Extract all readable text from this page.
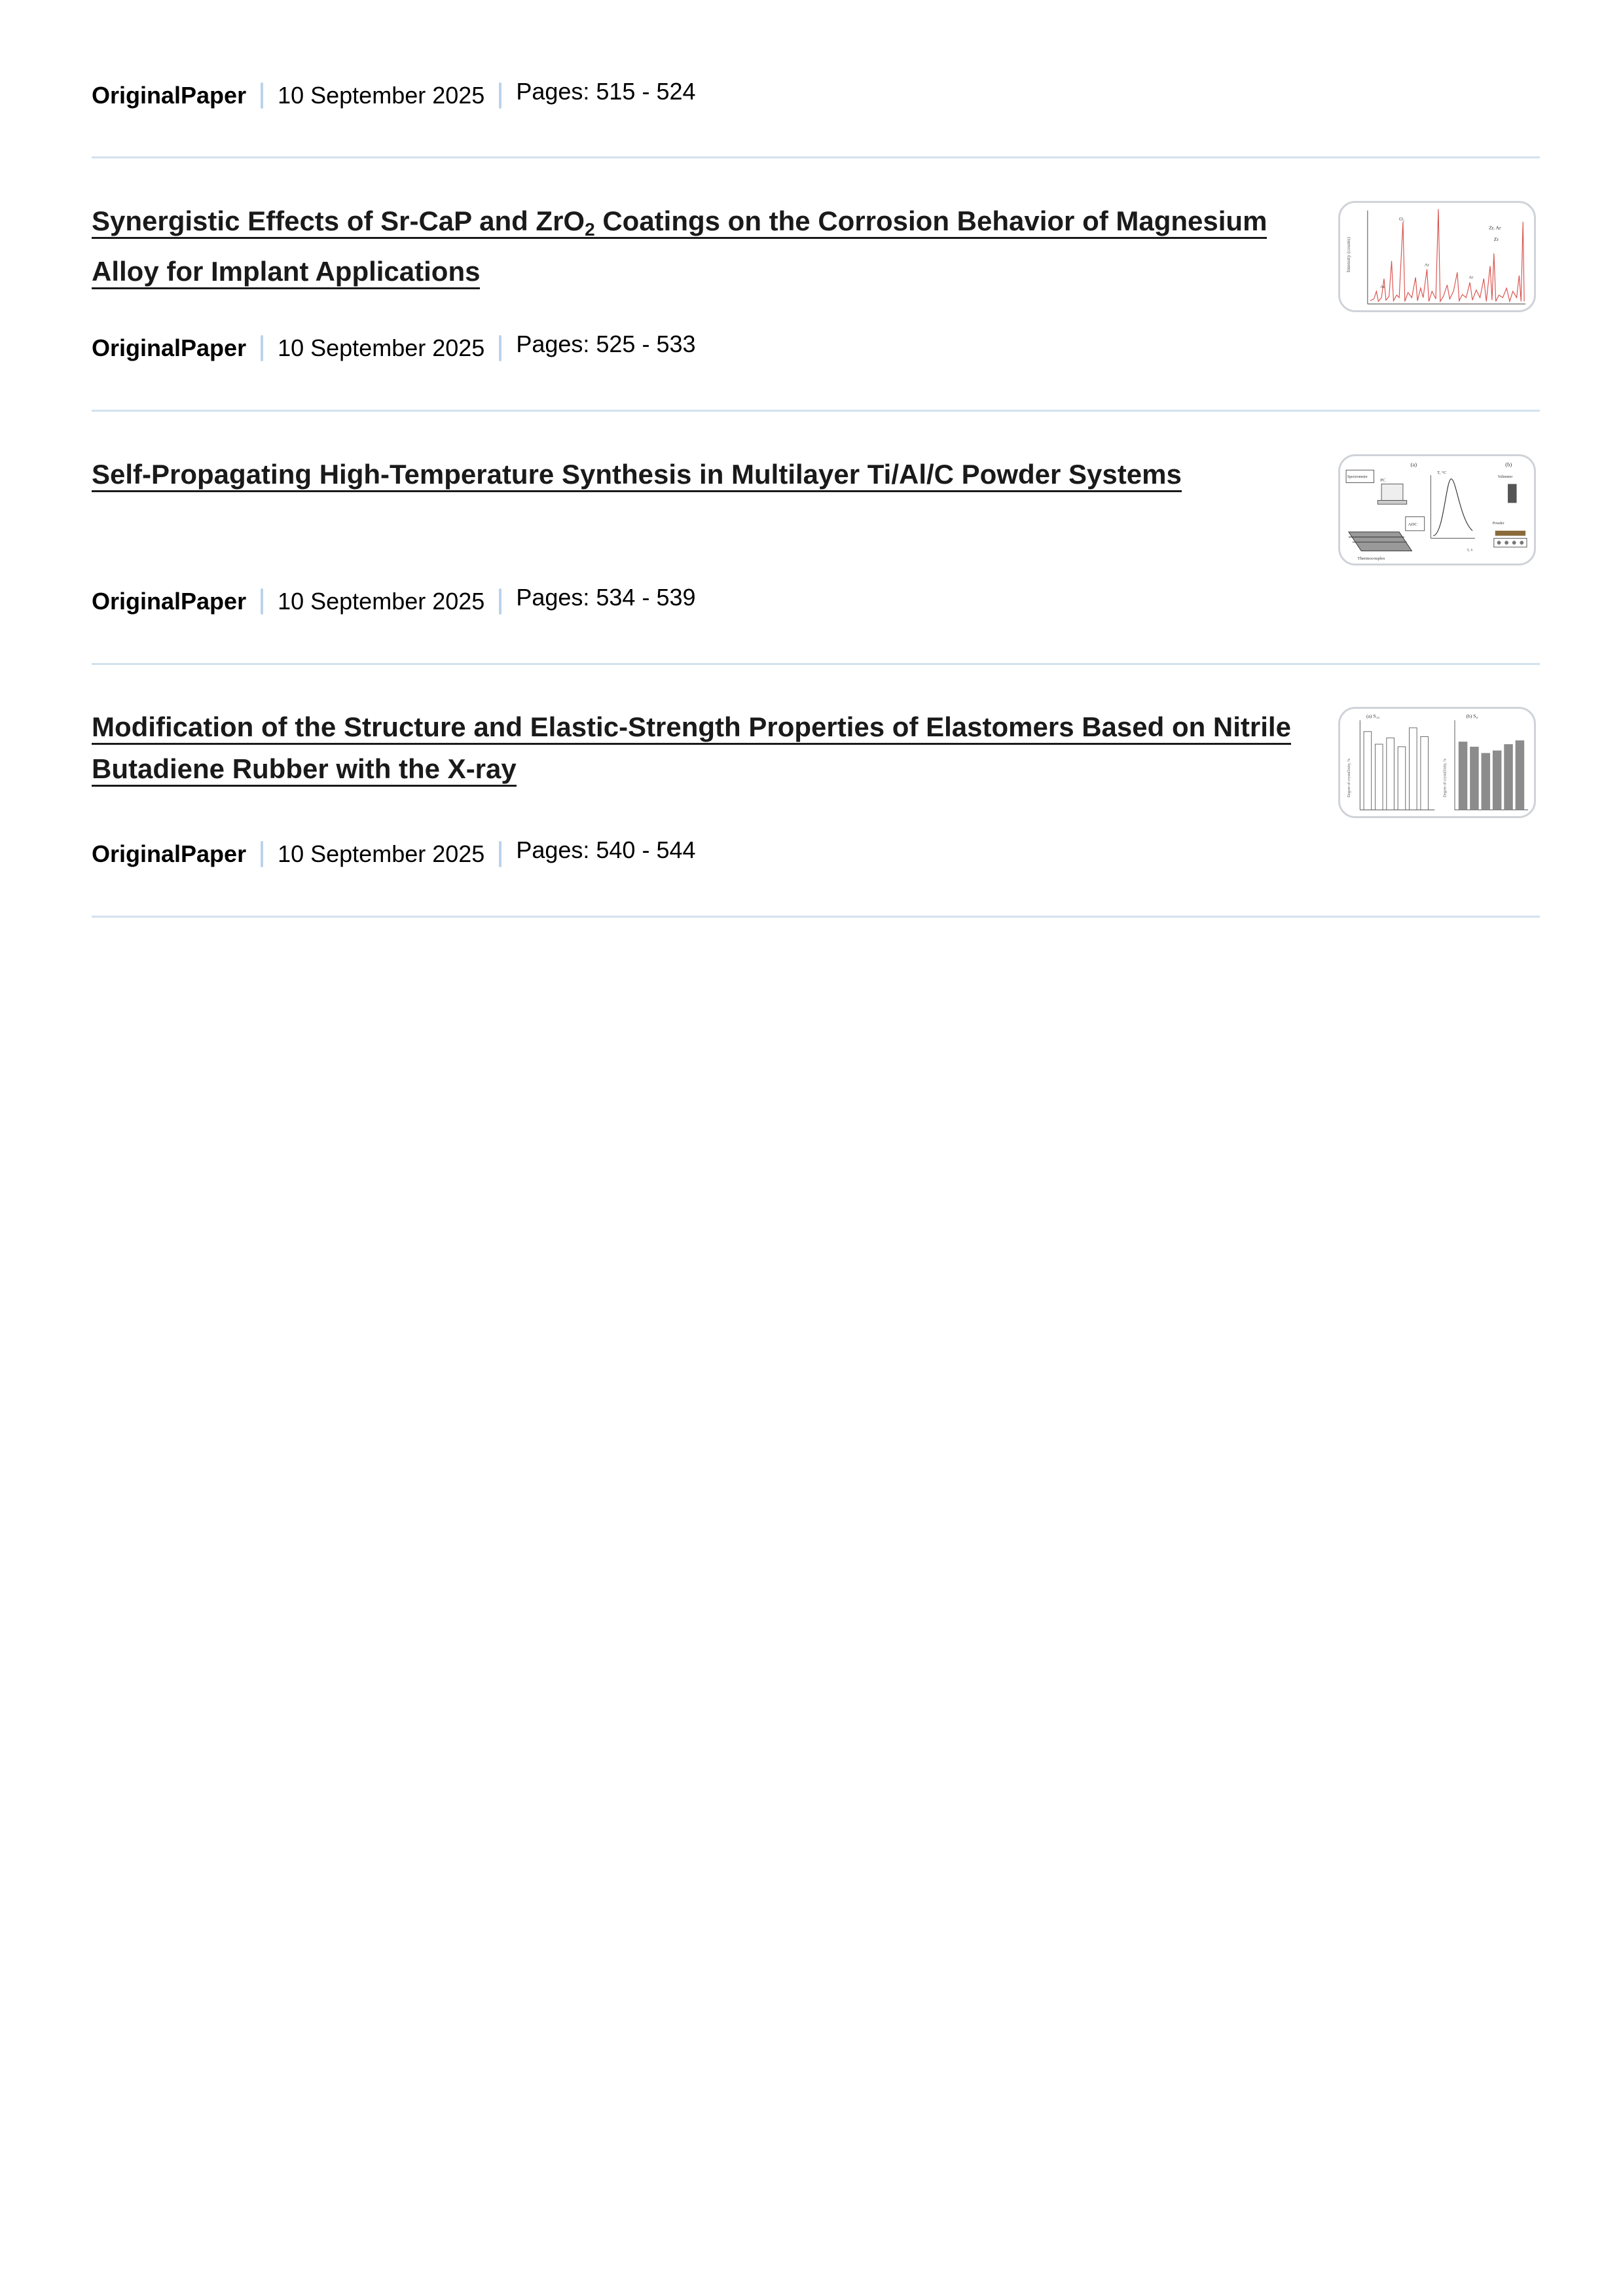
OriginalPaper 10 September 2025 Pages: 515 - 524
Synergistic Effects of Sr-CaP and ZrO$_2$ Coatings on the Corrosion Behavior of Magnesium Alloy for Implant Applications	Intensity (counts)
O₂
Zr, Ar
Zr
Ar
Ar
Ar
OriginalPaper 10 September 2025 Pages: 525 - 533
Self-Propagating High-Temperature Synthesis in Multilayer Ti/Al/C Powder Systems	(a)	(b)
Spectrometer
PC
ADC
Thermocouples
T, °C
t, s
Voltmeter
Powder
OriginalPaper 10 September 2025 Pages: 534 - 539
Modification of the Structure and Elastic-Strength Properties of Elastomers Based on Nitrile Butadiene Rubber with the X-ray
(a) S₁₅
Degree of crystallinity, %
(b) S₀
Degree of crystallinity, %
OriginalPaper 10 September 2025 Pages: 540 - 544
